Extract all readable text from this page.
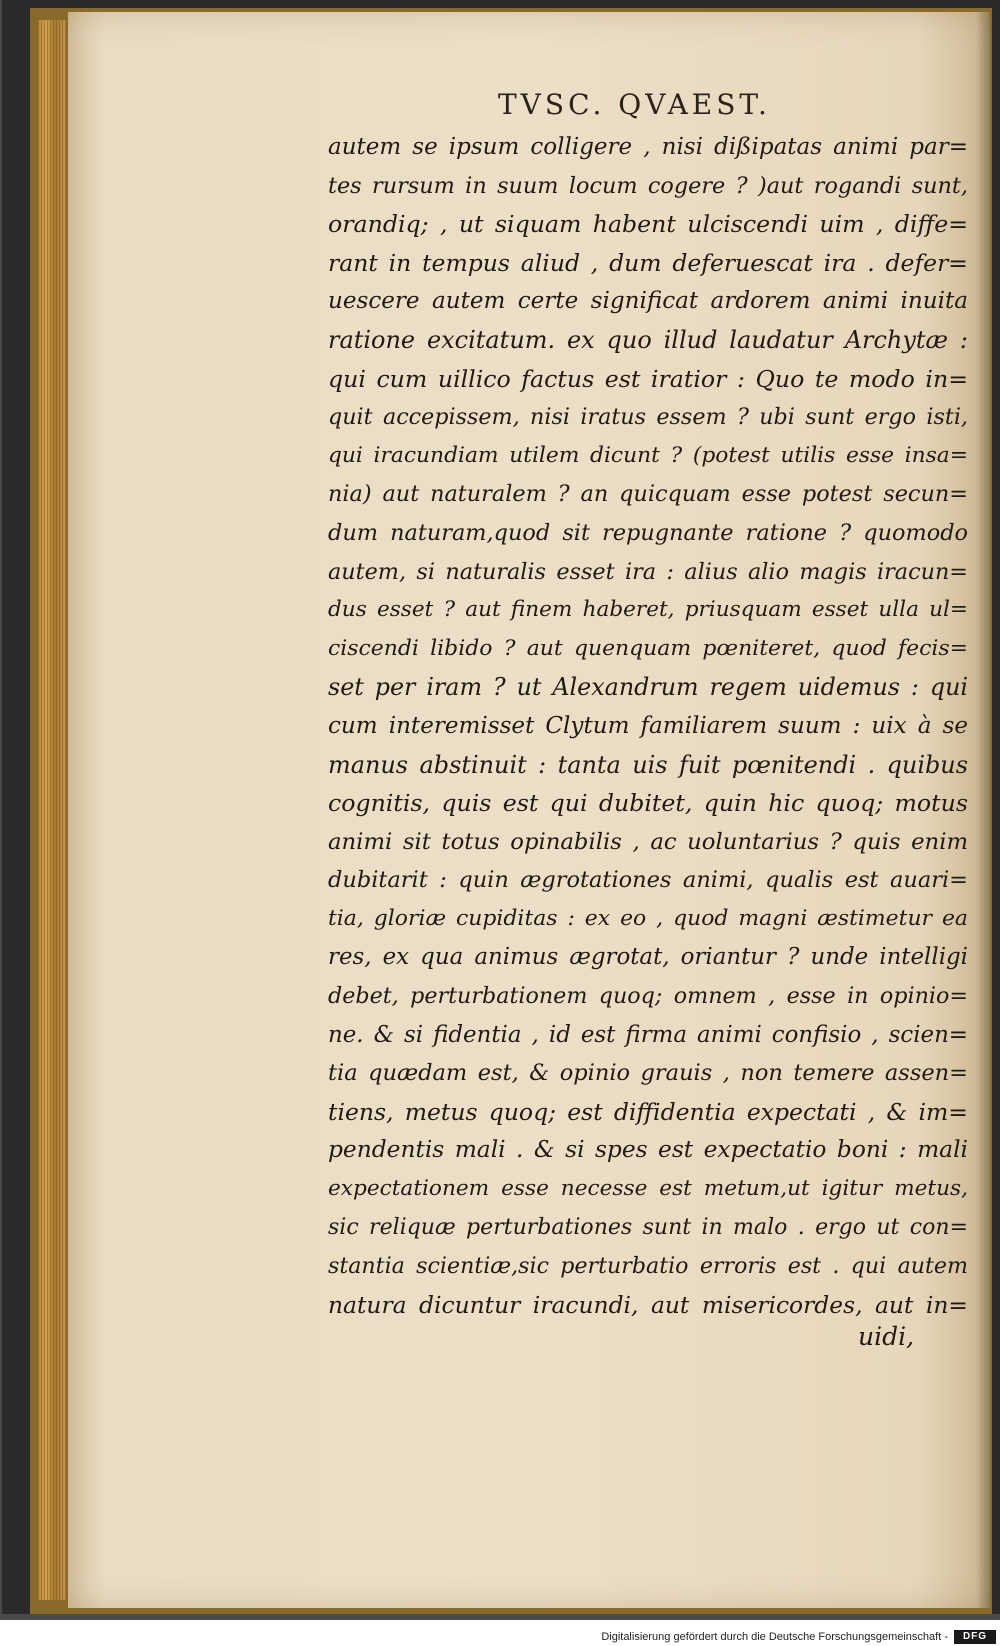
TVSC. QVAEST.
autem se ipsum colligere , nisi dißipatas animi par=
tes rursum in suum locum cogere ? )aut rogandi sunt,
orandiq; , ut siquam habent ulciscendi uim , diffe=
rant in tempus aliud , dum deferuescat ira . defer=
uescere autem certe significat ardorem animi inuita
ratione excitatum. ex quo illud laudatur Archytæ :
qui cum uillico factus est iratior : Quo te modo in=
quit accepissem, nisi iratus essem ? ubi sunt ergo isti,
qui iracundiam utilem dicunt ? (potest utilis esse insa=
nia) aut naturalem ? an quicquam esse potest secun=
dum naturam,quod sit repugnante ratione ? quomodo
autem, si naturalis esset ira : alius alio magis iracun=
dus esset ? aut finem haberet, priusquam esset ulla ul=
ciscendi libido ? aut quenquam pœniteret, quod fecis=
set per iram ? ut Alexandrum regem uidemus : qui
cum interemisset Clytum familiarem suum : uix à se
manus abstinuit : tanta uis fuit pœnitendi . quibus
cognitis, quis est qui dubitet, quin hic quoq; motus
animi sit totus opinabilis , ac uoluntarius ? quis enim
dubitarit : quin ægrotationes animi, qualis est auari=
tia, gloriæ cupiditas : ex eo , quod magni æstimetur ea
res, ex qua animus ægrotat, oriantur ? unde intelligi
debet, perturbationem quoq; omnem , esse in opinio=
ne. & si fidentia , id est firma animi confisio , scien=
tia quædam est, & opinio grauis , non temere assen=
tiens, metus quoq; est diffidentia expectati , & im=
pendentis mali . & si spes est expectatio boni : mali
expectationem esse necesse est metum,ut igitur metus,
sic reliquæ perturbationes sunt in malo . ergo ut con=
stantia scientiæ,sic perturbatio erroris est . qui autem
natura dicuntur iracundi, aut misericordes, aut in=
uidi,
Digitalisierung gefördert durch die Deutsche Forschungsgemeinschaft -	DFG
